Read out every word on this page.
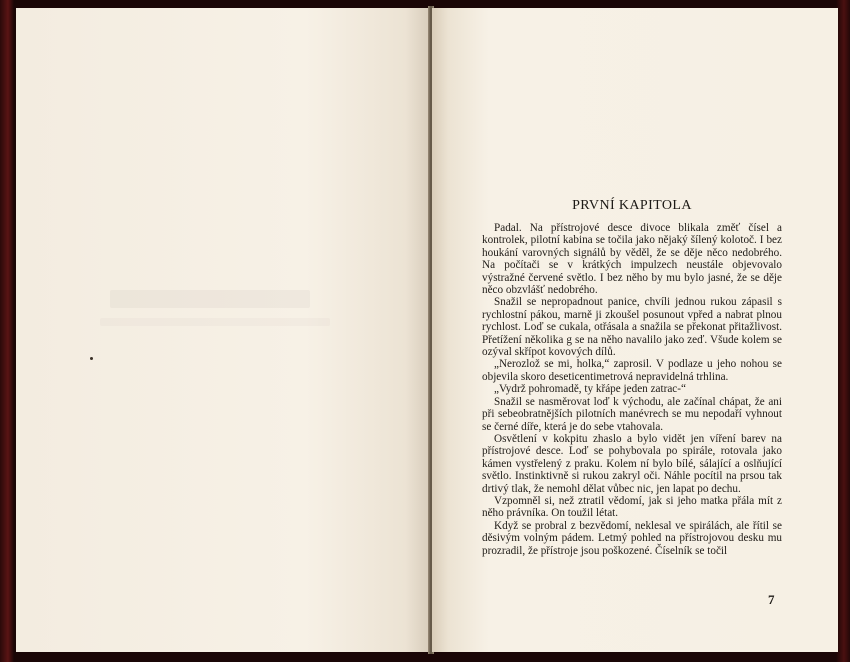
PRVNÍ KAPITOLA

Padal. Na přístrojové desce divoce blikala změť čísel a kontrolek, pilotní kabina se točila jako nějaký šílený kolotoč. I bez houkání varovných signálů by věděl, že se děje něco nedobrého. Na počítači se v krátkých impulzech neustále objevovalo výstražné červené světlo. I bez něho by mu bylo jasné, že se děje něco obzvlášť nedobrého.

Snažil se nepropadnout panice, chvíli jednou rukou zápasil s rychlostní pákou, marně ji zkoušel posunout vpřed a nabrat plnou rychlost. Loď se cukala, otřásala a snažila se překonat přitažlivost. Přetížení několika g se na něho navalilo jako zeď. Všude kolem se ozýval skřípot kovových dílů.

„Nerozlož se mi, holka,“ zaprosil. V podlaze u jeho nohou se objevila skoro deseticentimetrová nepravidelná trhlina.

„Vydrž pohromadě, ty křápe jeden zatrac-“

Snažil se nasměrovat loď k východu, ale začínal chápat, že ani při sebeobratnějších pilotních manévrech se mu nepodaří vyhnout se černé díře, která je do sebe vtahovala.

Osvětlení v kokpitu zhaslo a bylo vidět jen víření barev na přístrojové desce. Loď se pohybovala po spirále, rotovala jako kámen vystřelený z praku. Kolem ní bylo bílé, sálající a oslňující světlo. Instinktivně si rukou zakryl oči. Náhle pocítil na prsou tak drtivý tlak, že nemohl dělat vůbec nic, jen lapat po dechu.

Vzpomněl si, než ztratil vědomí, jak si jeho matka přála mít z něho právníka. On toužil létat.

Když se probral z bezvědomí, neklesal ve spirálách, ale řítil se děsivým volným pádem. Letmý pohled na přístrojovou desku mu prozradil, že přístroje jsou poškozené. Číselník se točil

7
